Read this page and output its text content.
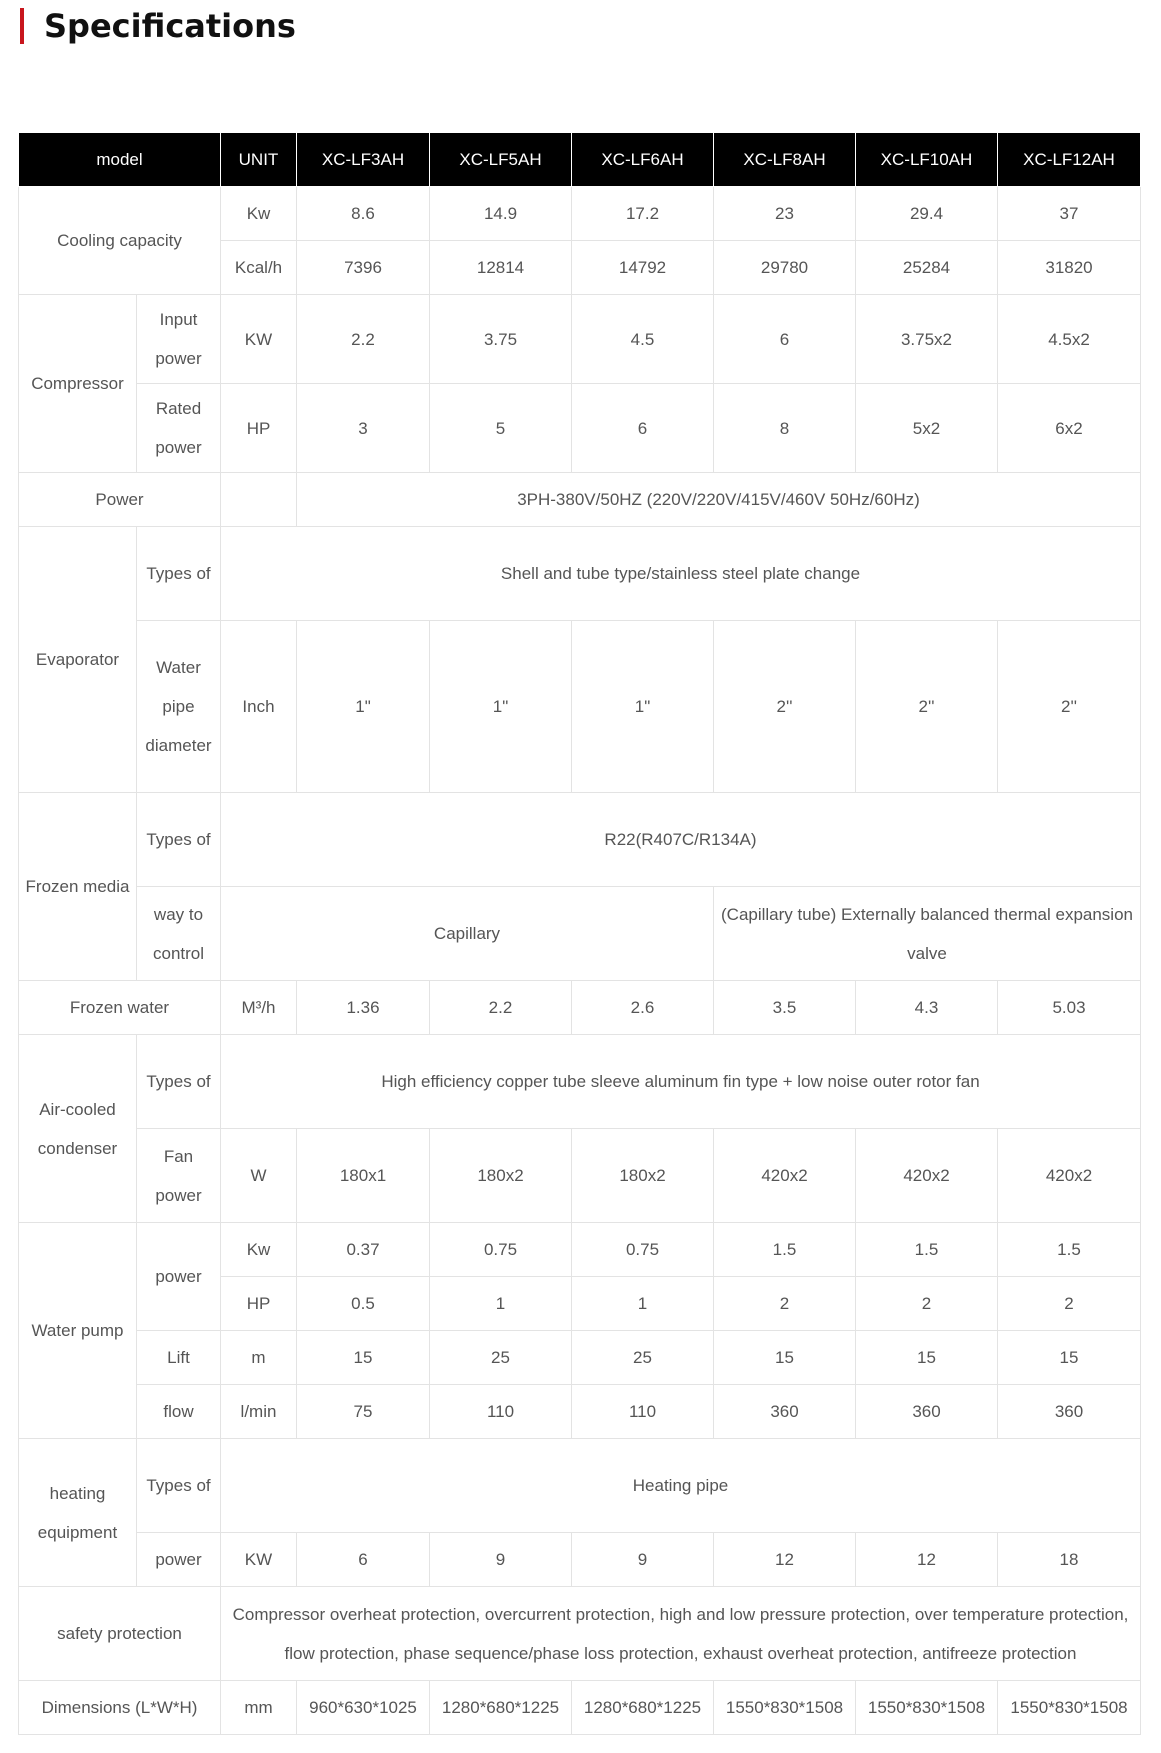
Specifications
model		UNIT	XC-LF3AH	XC-LF5AH	XC-LF6AH	XC-LF8AH	XC-LF10AH	XC-LF12AH
Cooling capacity		Kw	8.6	14.9	17.2	23	29.4	37
		Kcal/h	7396	12814	14792	29780	25284	31820
Compressor	Input power	KW	2.2	3.75	4.5	6	3.75x2	4.5x2
	Rated power	HP	3	5	6	8	5x2	6x2
Power			3PH-380V/50HZ (220V/220V/415V/460V 50Hz/60Hz)					
Evaporator	Types of	Shell and tube type/stainless steel plate change						
	Water pipe diameter	Inch	1"	1"	1"	2''	2''	2''
Frozen media	Types of	R22(R407C/R134A)						
	way to control	Capillary				(Capillary tube) Externally balanced thermal expansion valve		
Frozen water		M³/h	1.36	2.2	2.6	3.5	4.3	5.03
Air-cooled condenser	Types of	High efficiency copper tube sleeve aluminum fin type + low noise outer rotor fan						
	Fan power	W	180x1	180x2	180x2	420x2	420x2	420x2
Water pump	power	Kw	0.37	0.75	0.75	1.5	1.5	1.5
		HP	0.5	1	1	2	2	2
	Lift	m	15	25	25	15	15	15
	flow	l/min	75	110	110	360	360	360
heating equipment	Types of	Heating pipe						
	power	KW	6	9	9	12	12	18
safety protection		Compressor overheat protection, overcurrent protection, high and low pressure protection, over temperature protection, flow protection, phase sequence/phase loss protection, exhaust overheat protection, antifreeze protection						
Dimensions (L*W*H)		mm	960*630*1025	1280*680*1225	1280*680*1225	1550*830*1508	1550*830*1508	1550*830*1508
